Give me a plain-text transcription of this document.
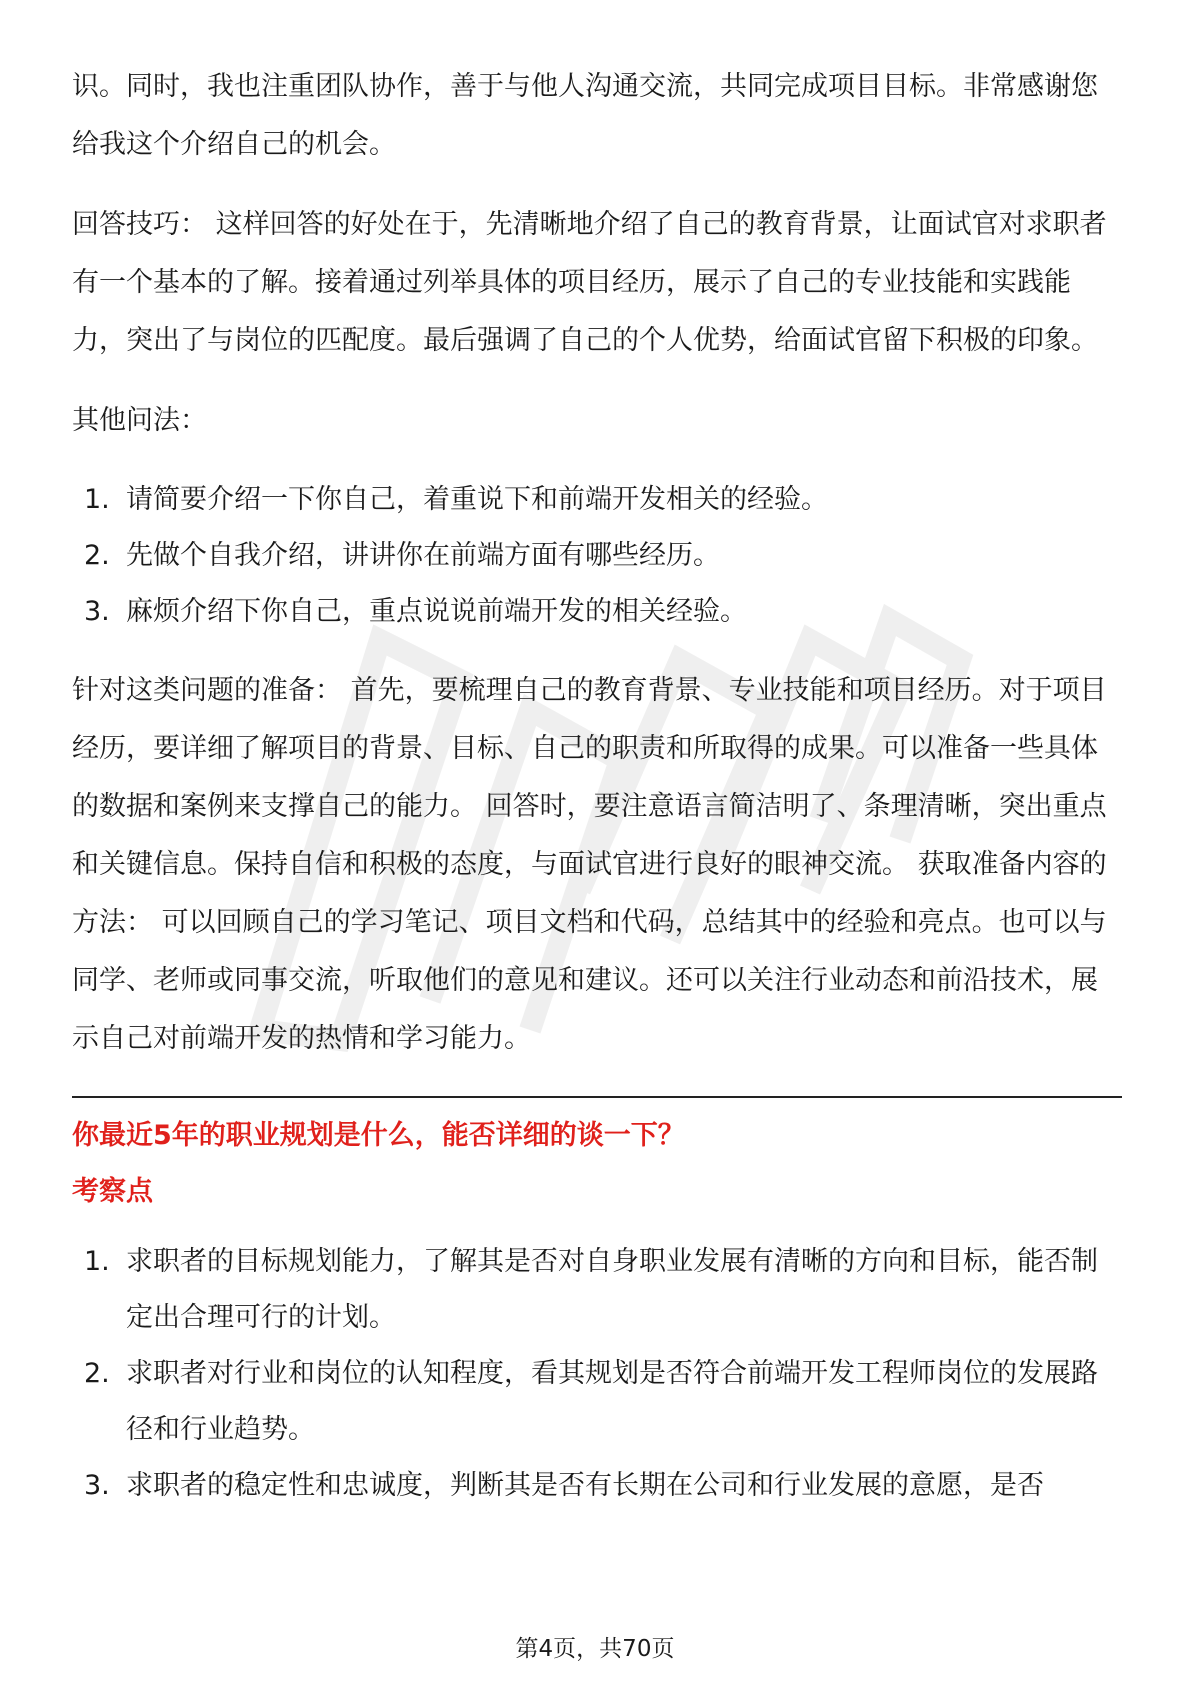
识。同时，我也注重团队协作，善于与他人沟通交流，共同完成项目目标。非常感谢您给我这个介绍自己的机会。

回答技巧： 这样回答的好处在于，先清晰地介绍了自己的教育背景，让面试官对求职者有一个基本的了解。接着通过列举具体的项目经历，展示了自己的专业技能和实践能力，突出了与岗位的匹配度。最后强调了自己的个人优势，给面试官留下积极的印象。

其他问法：

1. 请简要介绍一下你自己，着重说下和前端开发相关的经验。
2. 先做个自我介绍，讲讲你在前端方面有哪些经历。
3. 麻烦介绍下你自己，重点说说前端开发的相关经验。

针对这类问题的准备： 首先，要梳理自己的教育背景、专业技能和项目经历。对于项目经历，要详细了解项目的背景、目标、自己的职责和所取得的成果。可以准备一些具体的数据和案例来支撑自己的能力。 回答时，要注意语言简洁明了、条理清晰，突出重点和关键信息。保持自信和积极的态度，与面试官进行良好的眼神交流。 获取准备内容的方法： 可以回顾自己的学习笔记、项目文档和代码，总结其中的经验和亮点。也可以与同学、老师或同事交流，听取他们的意见和建议。还可以关注行业动态和前沿技术，展示自己对前端开发的热情和学习能力。

你最近5年的职业规划是什么，能否详细的谈一下？

考察点

1. 求职者的目标规划能力，了解其是否对自身职业发展有清晰的方向和目标，能否制定出合理可行的计划。
2. 求职者对行业和岗位的认知程度，看其规划是否符合前端开发工程师岗位的发展路径和行业趋势。
3. 求职者的稳定性和忠诚度，判断其是否有长期在公司和行业发展的意愿，是否
第4页，共70页
